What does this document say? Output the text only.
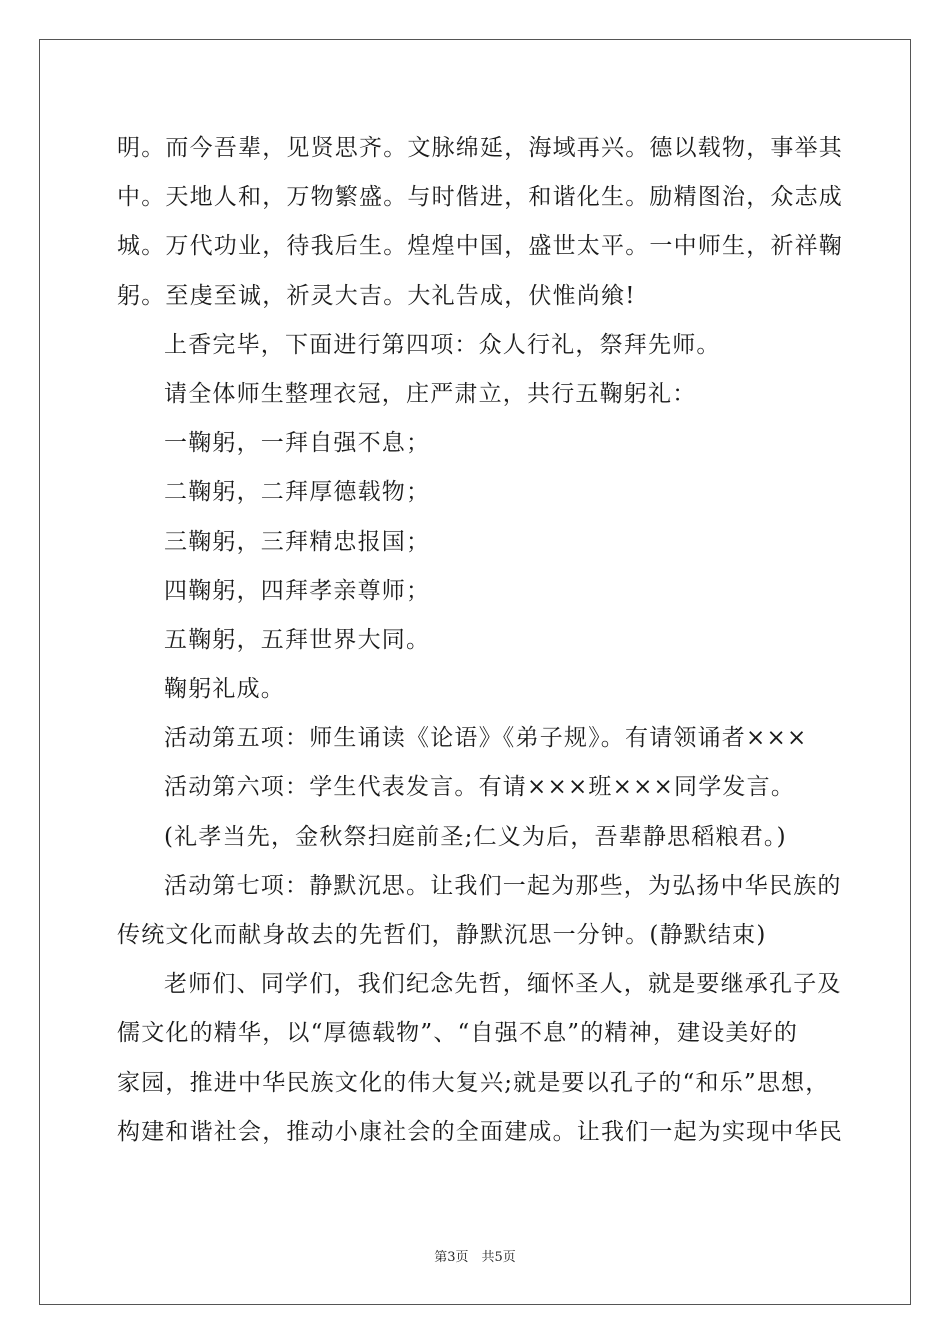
明。而今吾辈，见贤思齐。文脉绵延，海域再兴。德以载物，事举其
中。天地人和，万物繁盛。与时偕进，和谐化生。励精图治，众志成
城。万代功业，待我后生。煌煌中国，盛世太平。一中师生，祈祥鞠
躬。至虔至诚，祈灵大吉。大礼告成，伏惟尚飨!
上香完毕，下面进行第四项：众人行礼，祭拜先师。
请全体师生整理衣冠，庄严肃立，共行五鞠躬礼：
一鞠躬，一拜自强不息；
二鞠躬，二拜厚德载物；
三鞠躬，三拜精忠报国；
四鞠躬，四拜孝亲尊师；
五鞠躬，五拜世界大同。
鞠躬礼成。
活动第五项：师生诵读《论语》《弟子规》。有请领诵者×××
活动第六项：学生代表发言。有请×××班×××同学发言。
(礼孝当先，金秋祭扫庭前圣;仁义为后，吾辈静思稻粮君。)
活动第七项：静默沉思。让我们一起为那些，为弘扬中华民族的
传统文化而献身故去的先哲们，静默沉思一分钟。(静默结束)
老师们、同学们，我们纪念先哲，缅怀圣人，就是要继承孔子及
儒文化的精华，以“厚德载物”、“自强不息”的精神，建设美好的
家园，推进中华民族文化的伟大复兴;就是要以孔子的“和乐”思想，
构建和谐社会，推动小康社会的全面建成。让我们一起为实现中华民
第3页　共5页
